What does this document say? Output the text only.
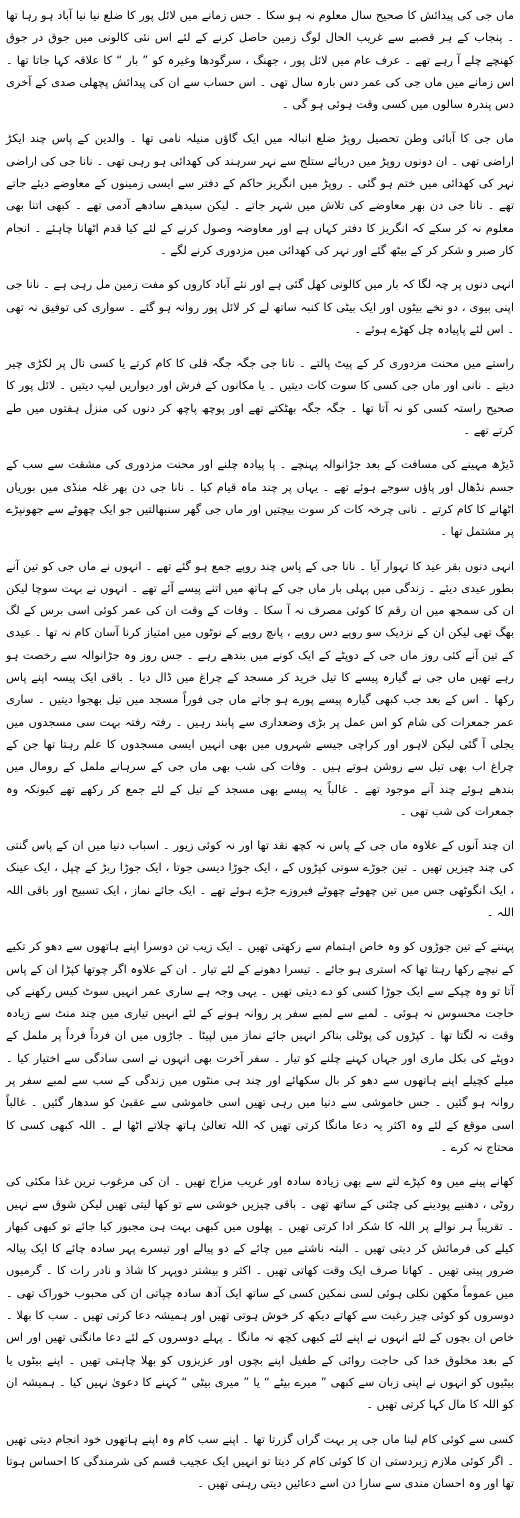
ماں جی کی پیدائش کا صحیح سال معلوم نہ ہو سکا ۔ جس زمانے میں لائل پور کا ضلع نیا نیا آباد ہو رہا تھا ۔ پنجاب کے ہر قصبے سے غریب الحال لوگ زمین حاصل کرنے کے لئے اس نئی کالونی میں جوق در جوق کھنچے چلے آ رہے تھے ۔ عرف عام میں لائل پور ، جھنگ ، سرگودھا وغیرہ کو ” بار “ کا علاقہ کہا جاتا تھا ۔ اس زمانے میں ماں جی کی عمر دس بارہ سال تھی ۔ اس حساب سے ان کی پیدائش پچھلی صدی کے آخری دس پندرہ سالوں میں کسی وقت ہوئی ہو گی ۔

ماں جی کا آبائی وطن تحصیل روپڑ ضلع انبالہ میں ایک گاؤں منیلہ نامی تھا ۔ والدین کے پاس چند ایکڑ اراضی تھی ۔ ان دونوں روپڑ میں دریائے ستلج سے نہر سرہند کی کھدائی ہو رہی تھی ۔ نانا جی کی اراضی نہر کی کھدائی میں ختم ہو گئی ۔ روپڑ میں انگریز حاکم کے دفتر سے ایسی زمینوں کے معاوضے دیئے جاتے تھے ۔ نانا جی دن بھر معاوضے کی تلاش میں شہر جاتے ۔ لیکن سیدھے سادھے آدمی تھے ۔ کبھی اتنا بھی معلوم نہ کر سکے کہ انگریز کا دفتر کہاں ہے اور معاوضہ وصول کرنے کے لئے کیا قدم اٹھانا چاہئے ۔ انجام کار صبر و شکر کر کے بیٹھ گئے اور نہر کی کھدائی میں مزدوری کرنے لگے ۔

انہی دنوں پر چہ لگا کہ بار میں کالونی کھل گئی ہے اور نئے آباد کاروں کو مفت زمین مل رہی ہے ۔ نانا جی اپنی بیوی ، دو نخے بیٹوں اور ایک بیٹی کا کنبہ ساتھ لے کر لائل پور روانہ ہو گئے ۔ سواری کی توفیق نہ تھی ۔ اس لئے پاپیادہ چل کھڑے ہوئے ۔

راستے میں محنت مزدوری کر کے پیٹ پالتے ۔ نانا جی جگہ جگہ قلی کا کام کرتے یا کسی نال پر لکڑی چیر دیتے ۔ نانی اور ماں جی کسی کا سوت کات دیتیں ۔ یا مکانوں کے فرش اور دیواریں لیپ دیتیں ۔ لائل پور کا صحیح راستہ کسی کو نہ آتا تھا ۔ جگہ جگہ بھٹکتے تھے اور پوچھ پاچھ کر دنوں کی منزل ہفتوں میں طے کرتے تھے ۔

ڈیڑھ مہینے کی مسافت کے بعد جڑانوالہ پہنچے ۔ پا پیادہ چلنے اور محنت مزدوری کی مشقت سے سب کے جسم نڈھال اور پاؤں سوجے ہوئے تھے ۔ یہاں پر چند ماہ قیام کیا ۔ نانا جی دن بھر غلہ منڈی میں بوریاں اٹھانے کا کام کرتے ۔ نانی چرخہ کات کر سوت بیچتیں اور ماں جی گھر سنبھالتیں جو ایک چھوٹے سے جھونپڑے پر مشتمل تھا ۔

انہی دنوں بقر عید کا تہوار آیا ۔ نانا جی کے پاس چند روپے جمع ہو گئے تھے ۔ انہوں نے ماں جی کو تین آنے بطور عیدی دیئے ۔ زندگی میں پہلی بار ماں جی کے ہاتھ میں اتنے پیسے آئے تھے ۔ انہوں نے بہت سوچا لیکن ان کی سمجھ میں ان رقم کا کوئی مصرف نہ آ سکا ۔ وفات کے وقت ان کی عمر کوئی اسی برس کے لگ بھگ تھی لیکن ان کے نزدیک سو روپے دس روپے ، پانچ روپے کے نوٹوں میں امتیاز کرنا آسان کام نہ تھا ۔ عیدی کے تین آنے کئی روز ماں جی کے دوپٹے کے ایک کونے میں بندھے رہے ۔ جس روز وہ جڑانوالہ سے رخصت ہو رہے تھیں ماں جی نے گیارہ پیسے کا تیل خرید کر مسجد کے چراغ میں ڈال دیا ۔ باقی ایک پیسہ اپنے پاس رکھا ۔ اس کے بعد جب کبھی گیارہ پیسے پورے ہو جاتے ماں جی فوراً مسجد میں تیل بھجوا دیتیں ۔ ساری عمر جمعرات کی شام کو اس عمل پر بڑی وضعداری سے پابند رہیں ۔ رفتہ رفتہ بہت سی مسجدوں میں بجلی آ گئی لیکن لاہور اور کراچی جیسے شہروں میں بھی انہیں ایسی مسجدوں کا علم رہتا تھا جن کے چراغ اب بھی تیل سے روشن ہوتے ہیں ۔ وفات کی شب بھی ماں جی کے سرہانے ململ کے رومال میں بندھے ہوئے چند آنے موجود تھے ۔ غالباً یہ پیسے بھی مسجد کے تیل کے لئے جمع کر رکھے تھے کیونکہ وہ جمعرات کی شب تھی ۔

ان چند آنوں کے علاوہ ماں جی کے پاس نہ کچھ نقد تھا اور نہ کوئی زیور ۔ اسباب دنیا میں ان کے پاس گنتی کی چند چیزیں تھیں ۔ تین جوڑے سوتی کپڑوں کے ، ایک جوڑا دیسی جوتا ، ایک جوڑا ربڑ کے چپل ، ایک عینک ، ایک انگوٹھی جس میں تین چھوٹے چھوٹے فیروزے جڑے ہوئے تھے ۔ ایک جائے نماز ، ایک تسبیح اور باقی اللہ اللہ ۔

پہننے کے تین جوڑوں کو وہ خاص اہتمام سے رکھتی تھیں ۔ ایک زیب تن دوسرا اپنے ہاتھوں سے دھو کر تکیے کے نیچے رکھا رہتا تھا کہ استری ہو جائے ۔ تیسرا دھونے کے لئے تیار ۔ ان کے علاوہ اگر چوتھا کپڑا ان کے پاس آتا تو وہ چپکے سے ایک جوڑا کسی کو دے دیتی تھیں ۔ یہی وجہ ہے ساری عمر انہیں سوٹ کیس رکھنے کی حاجت محسوس نہ ہوئی ۔ لمبے سے لمبے سفر پر روانہ ہونے کے لئے انہیں تیاری میں چند منٹ سے زیادہ وقت نہ لگتا تھا ۔ کپڑوں کی پوٹلی بناکر انہیں جائے نماز میں لپیٹا ۔ جاڑوں میں ان فرداً فرداً پر ململ کے دوپٹے کی بکل ماری اور جہاں کہنے چلنے کو تیار ۔ سفر آخرت بھی انہوں نے اسی سادگی سے اختیار کیا ۔ میلے کچیلے اپنے ہاتھوں سے دھو کر بال سکھائے اور چند ہی منٹوں میں زندگی کے سب سے لمبے سفر پر روانہ ہو گئیں ۔ جس خاموشی سے دنیا میں رہی تھیں اسی خاموشی سے عقبیٰ کو سدھار گئیں ۔ غالباً اسی موقع کے لئے وہ اکثر یہ دعا مانگا کرتی تھیں کہ اللہ تعالیٰ ہاتھ چلاتے اٹھا لے ۔ اللہ کبھی کسی کا محتاج نہ کرے ۔

کھانے پینے میں وہ کپڑے لتے سے بھی زیادہ سادہ اور غریب مزاج تھیں ۔ ان کی مرغوب ترین غذا مکئی کی روٹی ، دھنیے پودینے کی چٹنی کے ساتھ تھی ۔ باقی چیزیں خوشی سے تو کھا لیتی تھیں لیکن شوق سے نہیں ۔ تقریباً ہر نوالے پر اللہ کا شکر ادا کرتی تھیں ۔ پھلوں میں کبھی بہت ہی مجبور کیا جائے تو کبھی کبھار کیلے کی فرمائش کر دیتی تھیں ۔ البتہ ناشتے میں چائے کے دو پیالے اور تیسرے پہر سادہ چائے کا ایک پیالہ ضرور پیتی تھیں ۔ کھانا صرف ایک وقت کھاتی تھیں ۔ اکثر و بیشتر دوپہر کا شاذ و نادر رات کا ۔ گرمیوں میں عموماً مکھن نکلی ہوئی لسی نمکین کسی کے ساتھ ایک آدھ سادہ چپاتی ان کی محبوب خوراک تھی ۔ دوسروں کو کوئی چیز رغبت سے کھاتے دیکھ کر خوش ہوتی تھیں اور ہمیشہ دعا کرتی تھیں ۔ سب کا بھلا ۔ خاص ان بچوں کے لئے انہوں نے اپنے لئے کبھی کچھ نہ مانگا ۔ پہلے دوسروں کے لئے دعا مانگتی تھیں اور اس کے بعد مخلوق خدا کی حاجت روائی کے طفیل اپنے بچوں اور عزیزوں کو بھلا چاہتی تھیں ۔ اپنے بیٹوں یا بیٹیوں کو انہوں نے اپنی زبان سے کبھی ” میرے بیٹے “ یا ” میری بیٹی “ کہنے کا دعویٰ نہیں کیا ۔ ہمیشہ ان کو اللہ کا مال کہا کرتی تھیں ۔

کسی سے کوئی کام لینا ماں جی پر بہت گراں گزرتا تھا ۔ اپنے سب کام وہ اپنے ہاتھوں خود انجام دیتی تھیں ۔ اگر کوئی ملازم زبردستی ان کا کوئی کام کر دیتا تو انہیں ایک عجیب قسم کی شرمندگی کا احساس ہوتا تھا اور وہ احسان مندی سے سارا دن اسے دعائیں دیتی رہتی تھیں ۔
